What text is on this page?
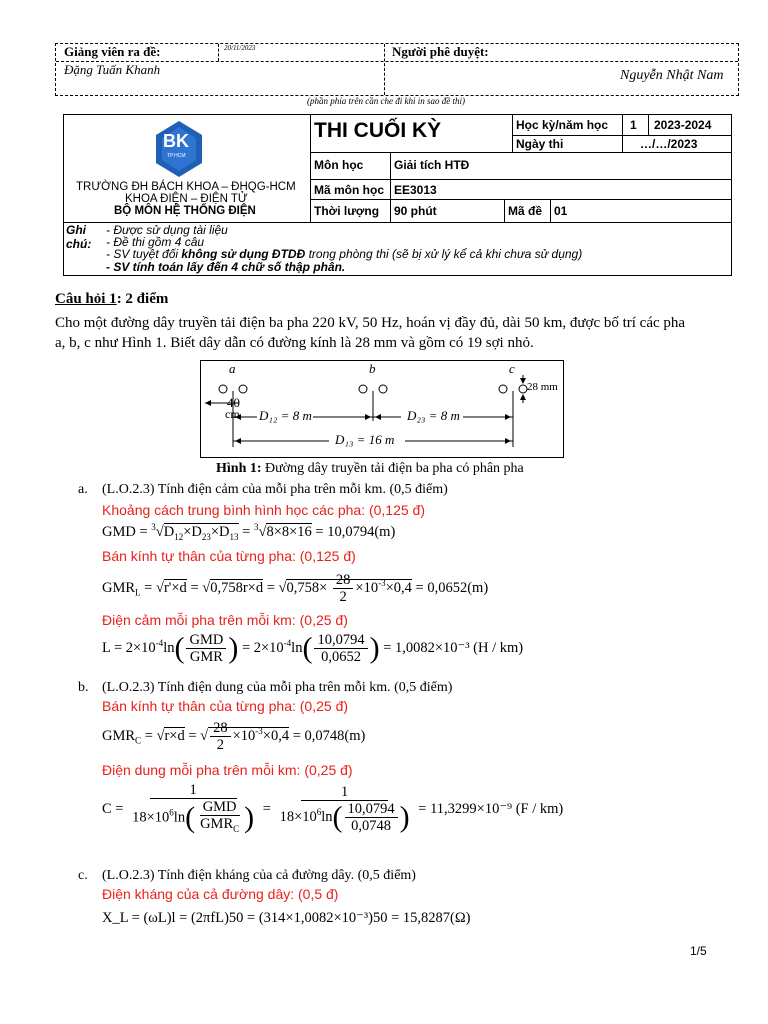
Giảng viên ra đề:	20/11/2023
Đặng Tuấn Khanh
Người phê duyệt:
Nguyễn Nhật Nam
(phần phía trên cần che đi khi in sao đề thi)
BK
TP.HCM
TRƯỜNG ĐH BÁCH KHOA – ĐHQG-HCM
KHOA ĐIỆN – ĐIỆN TỬ
BỘ MÔN HỆ THỐNG ĐIỆN
THI CUỐI KỲ	Học kỳ/năm học 1 2023-2024
Ngày thi	…/…/2023
Môn học	Giải tích HTĐ
Mã môn học EE3013
Thời lượng 90 phút	Mã đề 01
Ghi
chú:
- Được sử dụng tài liệu
- Đề thi gồm 4 câu
- SV tuyệt đối không sử dụng ĐTDĐ trong phòng thi (sẽ bị xử lý kể cả khi chưa sử dụng)
- SV tính toán lấy đến 4 chữ số thập phân.
Câu hỏi 1: 2 điểm
Cho một đường dây truyền tải điện ba pha 220 kV, 50 Hz, hoán vị đầy đủ, dài 50 km, được bố trí các pha
a, b, c như Hình 1. Biết dây dẫn có đường kính là 28 mm và gồm có 19 sợi nhỏ.
a	b	c
28 mm
40
cm D₁₂ = 8 m	D₂₃ = 8 m
D₁₃ = 16 m
Hình 1: Đường dây truyền tải điện ba pha có phân pha
a. (L.O.2.3) Tính điện cảm của mỗi pha trên mỗi km. (0,5 điểm)
Khoảng cách trung bình hình học các pha: (0,125 đ)
GMD = $^3√D_{12}\times D_{23}\times D_{13} = ^3√8\times 8\times 16 = 10,0794(m)$
Bán kính tự thân của từng pha: (0,125 đ)
$GMR_L = √r'\times d = √0,758r\times d = √0,758\times \frac{28}{2} \times 10^{-3}\times 0,4 = 0,0652(m)$
Điện cảm mỗi pha trên mỗi km: (0,25 đ)
$L = 2\times 10^{-4}\ln( \frac{\text{GMD}}{\text{GMR}}$ ) = $2\times 10^{-4}\ln( \frac{10,0794}{0,0652}$ ) = 1,0082×10⁻³ (H / km)
b. (L.O.2.3) Tính điện dung của mỗi pha trên mỗi km. (0,5 điểm)
Bán kính tự thân của từng pha: (0,25 đ)
$GMR_C = √r\times d$ = √ $\frac{28}{2} \times 10^{-3}\times 0,4 = 0,0748(m)$
Điện dung mỗi pha trên mỗi km: (0,25 đ)
$C = \frac{1}{18\times 10^6\ln( \frac{\text{GMD}}{GMR_C} )} = \frac{1}{18\times 10^6\ln( \frac{10,0794}{0,0748} )} = 11,3299\times 10^{-9}$ (F / km)
c. (L.O.2.3) Tính điện kháng của cả đường dây. (0,5 điểm)
Điện kháng của cả đường dây: (0,5 đ)
X_L = (ωL)l = (2πfL)50 = (314×1,0082×10⁻³)50 = 15,8287(Ω)
1/5
